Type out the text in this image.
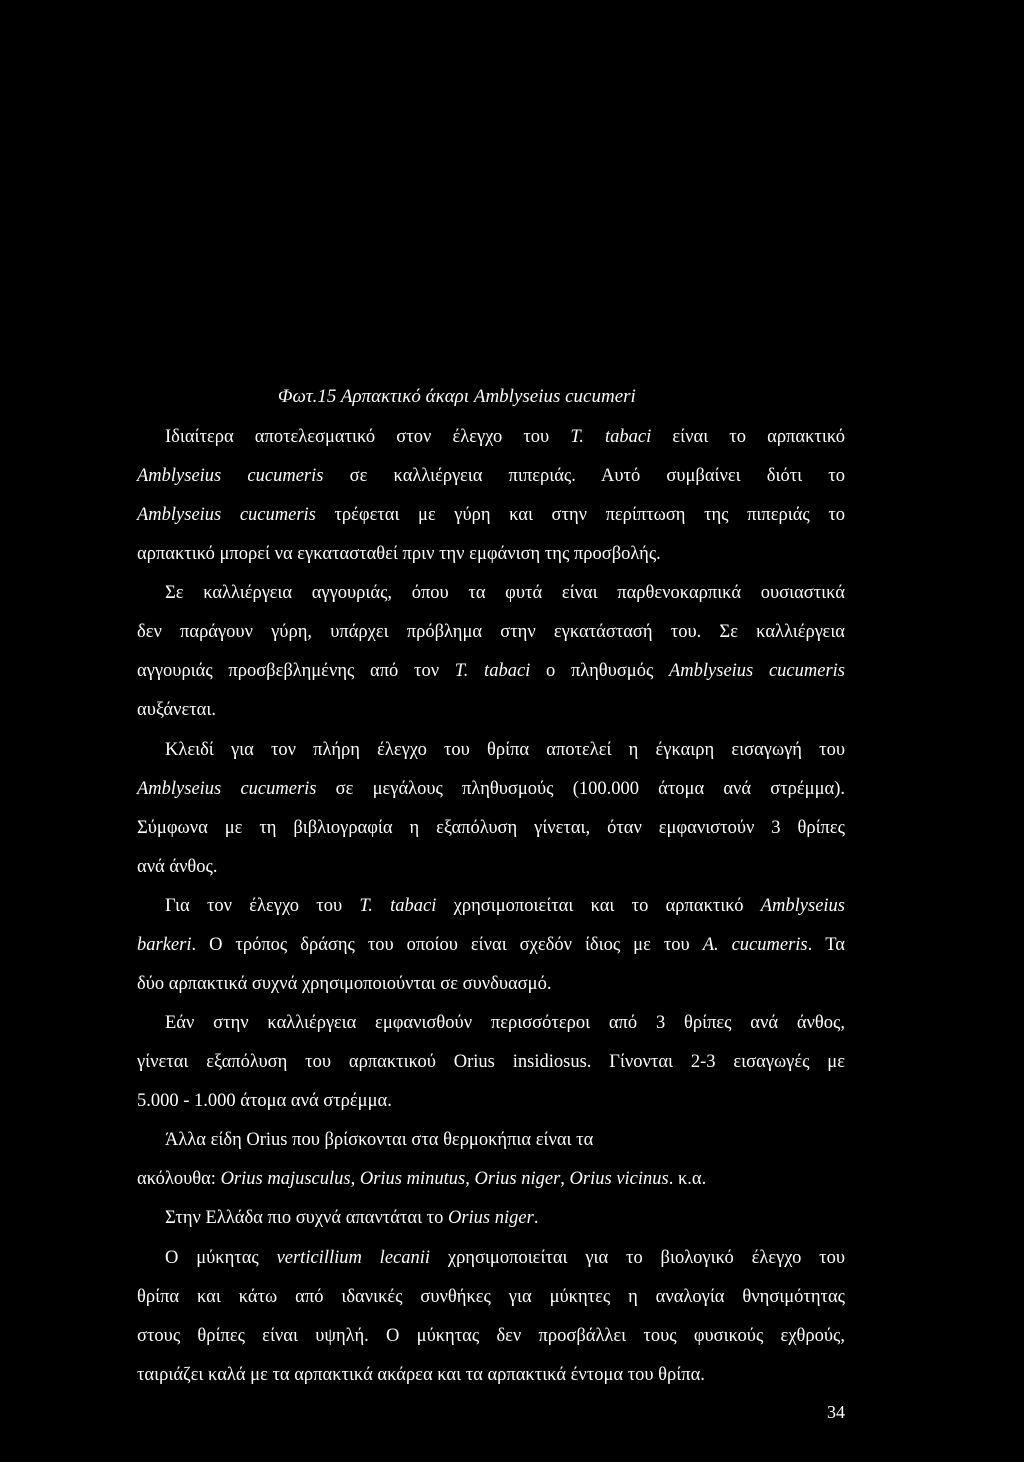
Φωτ.15 Αρπακτικό άκαρι Amblyseius cucumeri
Ιδιαίτερα αποτελεσματικό στον έλεγχο του Τ. tabaci είναι το αρπακτικό
Amblyseius cucumeris σε καλλιέργεια πιπεριάς. Αυτό συμβαίνει διότι το
Amblyseius cucumeris τρέφεται με γύρη και στην περίπτωση της πιπεριάς το
αρπακτικό μπορεί να εγκατασταθεί πριν την εμφάνιση της προσβολής.
Σε καλλιέργεια αγγουριάς, όπου τα φυτά είναι παρθενοκαρπικά ουσιαστικά
δεν παράγουν γύρη, υπάρχει πρόβλημα στην εγκατάστασή του. Σε καλλιέργεια
αγγουριάς προσβεβλημένης από τον Τ. tabaci ο πληθυσμός Amblyseius cucumeris
αυξάνεται.
Κλειδί για τον πλήρη έλεγχο του θρίπα αποτελεί η έγκαιρη εισαγωγή του
Amblyseius cucumeris σε μεγάλους πληθυσμούς (100.000 άτομα ανά στρέμμα).
Σύμφωνα με τη βιβλιογραφία η εξαπόλυση γίνεται, όταν εμφανιστούν 3 θρίπες
ανά άνθος.
Για τον έλεγχο του Τ. tabaci χρησιμοποιείται και το αρπακτικό Amblyseius
barkeri. Ο τρόπος δράσης του οποίου είναι σχεδόν ίδιος με του Α. cucumeris. Τα
δύο αρπακτικά συχνά χρησιμοποιούνται σε συνδυασμό.
Εάν στην καλλιέργεια εμφανισθούν περισσότεροι από 3 θρίπες ανά άνθος,
γίνεται εξαπόλυση του αρπακτικού Orius insidiosus. Γίνονται 2-3 εισαγωγές με
5.000 - 1.000 άτομα ανά στρέμμα.
Άλλα είδη Orius που βρίσκονται στα θερμοκήπια είναι τα
ακόλουθα: Orius majusculus, Orius minutus, Orius niger, Orius vicinus. κ.α.
Στην Ελλάδα πιο συχνά απαντάται το Orius niger.
Ο μύκητας verticillium lecanii χρησιμοποιείται για το βιολογικό έλεγχο του
θρίπα και κάτω από ιδανικές συνθήκες για μύκητες η αναλογία θνησιμότητας
στους θρίπες είναι υψηλή. Ο μύκητας δεν προσβάλλει τους φυσικούς εχθρούς,
ταιριάζει καλά με τα αρπακτικά ακάρεα και τα αρπακτικά έντομα του θρίπα.
34
